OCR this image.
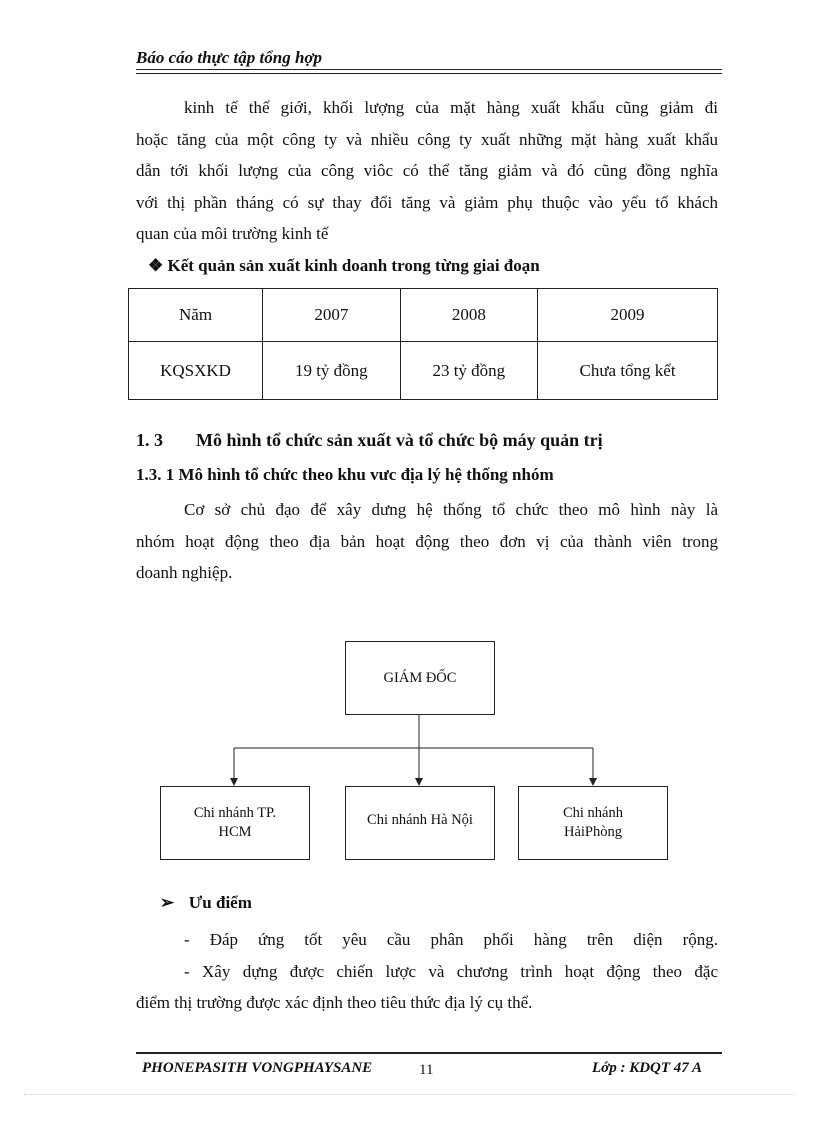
Báo cáo thực tập tổng hợp
kinh tế thế giới, khối lượng của mặt hàng xuất khẩu cũng giảm đi
hoặc tăng của một công ty và nhiều công ty xuất những mặt hàng xuất khẩu
dẫn tới khối lượng của công viôc có thể tăng giảm và đó cũng đồng nghĩa
với thị phần tháng có sự thay đổi tăng và giảm phụ thuộc vào yếu tố khách
quan của môi trường kinh tế
❖ Kết quản sản xuất kinh doanh trong từng giai đoạn
Năm	2007	2008	2009
KQSXKD	19 tỷ đồng	23 tỷ đồng	Chưa tổng kết
1. 3 Mô hình tổ chức sản xuất và tổ chức bộ máy quản trị
1.3. 1 Mô hình tổ chức theo khu vưc địa lý hệ thống nhóm
Cơ sở chủ đạo để xây dưng hệ thống tổ chức theo mô hình này là
nhóm hoạt động theo địa bản hoạt động theo đơn vị của thành viên trong
doanh nghiệp.
GIÁM ĐỐC
Chi nhánh TP.
HCM
Chi nhánh Hà Nội	Chi nhánh
HảiPhòng
➢ Ưu điểm
- Đáp ứng tốt yêu cầu phân phối hàng trên diện rộng.
- Xây dựng được chiến lược và chương trình hoạt động theo đặc
điểm thị trường được xác định theo tiêu thức địa lý cụ thể.
PHONEPASITH VONGPHAYSANE	11	Lớp : KDQT 47 A
